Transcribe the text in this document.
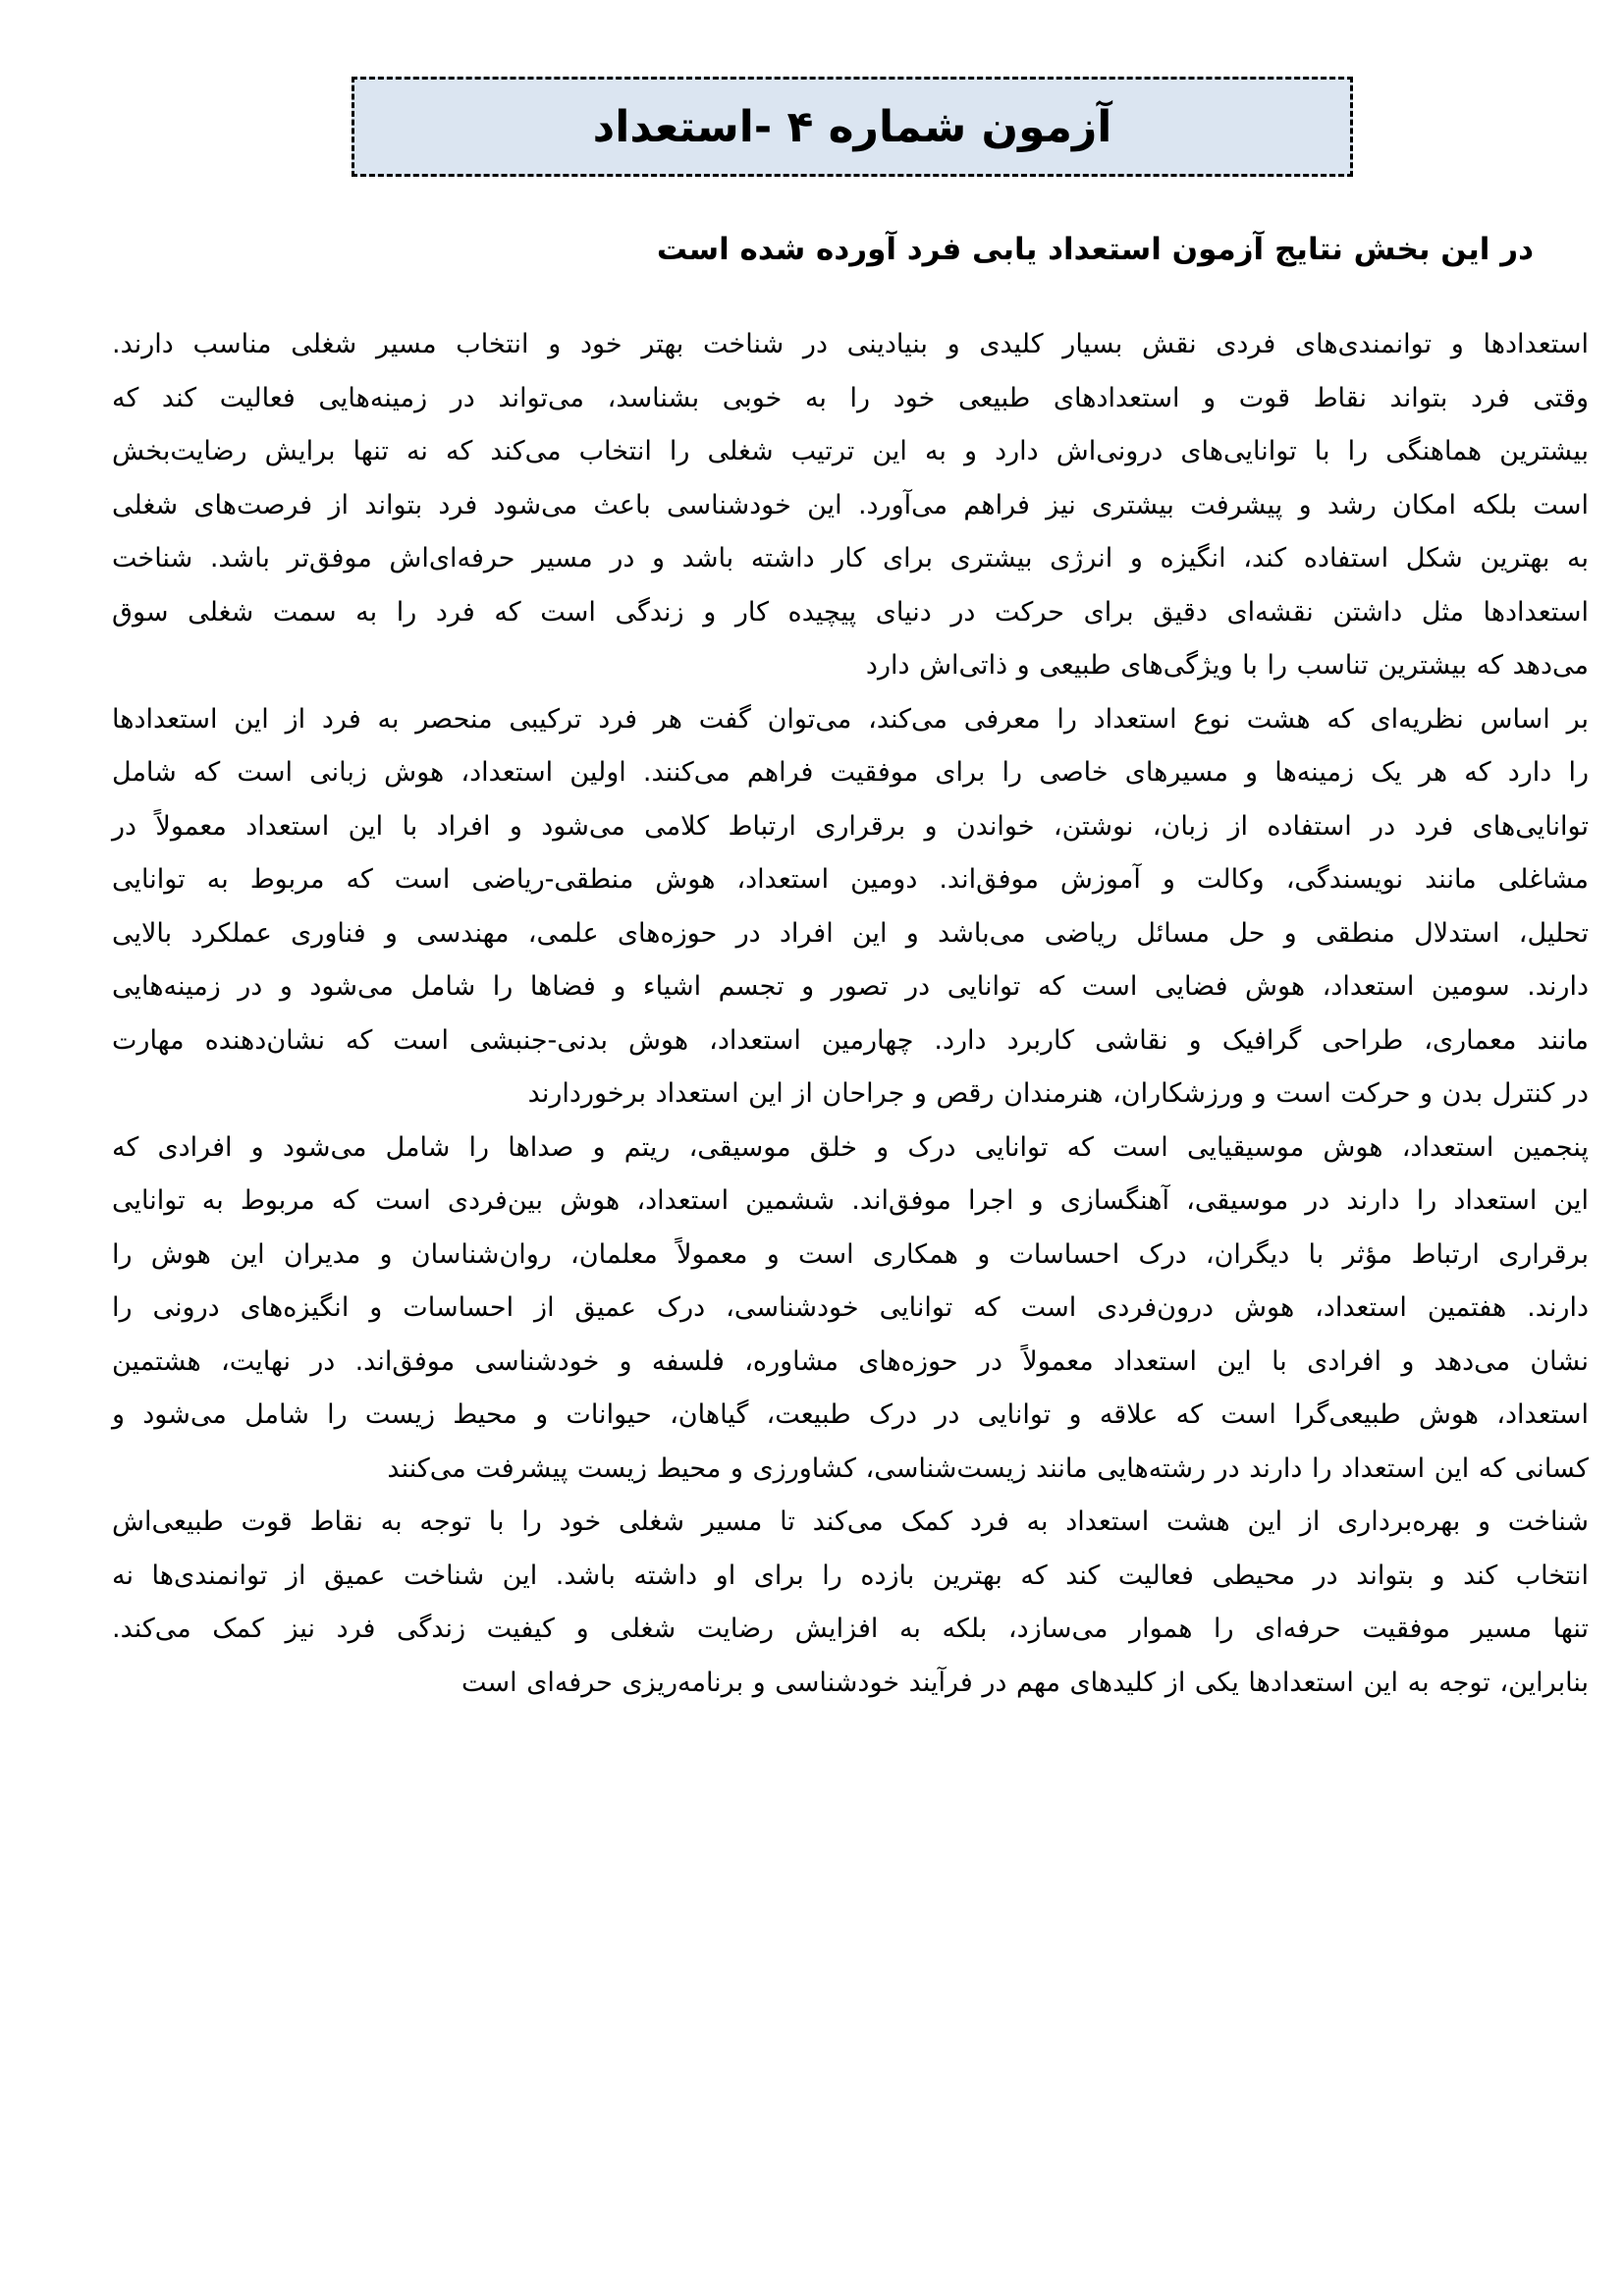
آزمون شماره ۴ -استعداد

در این بخش نتایج آزمون استعداد یابی فرد آورده شده است

استعدادها و توانمندی‌های فردی نقش بسیار کلیدی و بنیادینی در شناخت بهتر خود و انتخاب مسیر شغلی مناسب دارند.
وقتی فرد بتواند نقاط قوت و استعدادهای طبیعی خود را به خوبی بشناسد، می‌تواند در زمینه‌هایی فعالیت کند که
بیشترین هماهنگی را با توانایی‌های درونی‌اش دارد و به این ترتیب شغلی را انتخاب می‌کند که نه تنها برایش رضایت‌بخش
است بلکه امکان رشد و پیشرفت بیشتری نیز فراهم می‌آورد. این خودشناسی باعث می‌شود فرد بتواند از فرصت‌های شغلی
به بهترین شکل استفاده کند، انگیزه و انرژی بیشتری برای کار داشته باشد و در مسیر حرفه‌ای‌اش موفق‌تر باشد. شناخت
استعدادها مثل داشتن نقشه‌ای دقیق برای حرکت در دنیای پیچیده کار و زندگی است که فرد را به سمت شغلی سوق
می‌دهد که بیشترین تناسب را با ویژگی‌های طبیعی و ذاتی‌اش دارد
بر اساس نظریه‌ای که هشت نوع استعداد را معرفی می‌کند، می‌توان گفت هر فرد ترکیبی منحصر به فرد از این استعدادها
را دارد که هر یک زمینه‌ها و مسیرهای خاصی را برای موفقیت فراهم می‌کنند. اولین استعداد، هوش زبانی است که شامل
توانایی‌های فرد در استفاده از زبان، نوشتن، خواندن و برقراری ارتباط کلامی می‌شود و افراد با این استعداد معمولاً در
مشاغلی مانند نویسندگی، وکالت و آموزش موفق‌اند. دومین استعداد، هوش منطقی-ریاضی است که مربوط به توانایی
تحلیل، استدلال منطقی و حل مسائل ریاضی می‌باشد و این افراد در حوزه‌های علمی، مهندسی و فناوری عملکرد بالایی
دارند. سومین استعداد، هوش فضایی است که توانایی در تصور و تجسم اشیاء و فضاها را شامل می‌شود و در زمینه‌هایی
مانند معماری، طراحی گرافیک و نقاشی کاربرد دارد. چهارمین استعداد، هوش بدنی-جنبشی است که نشان‌دهنده مهارت
در کنترل بدن و حرکت است و ورزشکاران، هنرمندان رقص و جراحان از این استعداد برخوردارند
پنجمین استعداد، هوش موسیقیایی است که توانایی درک و خلق موسیقی، ریتم و صداها را شامل می‌شود و افرادی که
این استعداد را دارند در موسیقی، آهنگسازی و اجرا موفق‌اند. ششمین استعداد، هوش بین‌فردی است که مربوط به توانایی
برقراری ارتباط مؤثر با دیگران، درک احساسات و همکاری است و معمولاً معلمان، روان‌شناسان و مدیران این هوش را
دارند. هفتمین استعداد، هوش درون‌فردی است که توانایی خودشناسی، درک عمیق از احساسات و انگیزه‌های درونی را
نشان می‌دهد و افرادی با این استعداد معمولاً در حوزه‌های مشاوره، فلسفه و خودشناسی موفق‌اند. در نهایت، هشتمین
استعداد، هوش طبیعی‌گرا است که علاقه و توانایی در درک طبیعت، گیاهان، حیوانات و محیط زیست را شامل می‌شود و
کسانی که این استعداد را دارند در رشته‌هایی مانند زیست‌شناسی، کشاورزی و محیط زیست پیشرفت می‌کنند
شناخت و بهره‌برداری از این هشت استعداد به فرد کمک می‌کند تا مسیر شغلی خود را با توجه به نقاط قوت طبیعی‌اش
انتخاب کند و بتواند در محیطی فعالیت کند که بهترین بازده را برای او داشته باشد. این شناخت عمیق از توانمندی‌ها نه
تنها مسیر موفقیت حرفه‌ای را هموار می‌سازد، بلکه به افزایش رضایت شغلی و کیفیت زندگی فرد نیز کمک می‌کند.
بنابراین، توجه به این استعدادها یکی از کلیدهای مهم در فرآیند خودشناسی و برنامه‌ریزی حرفه‌ای است
